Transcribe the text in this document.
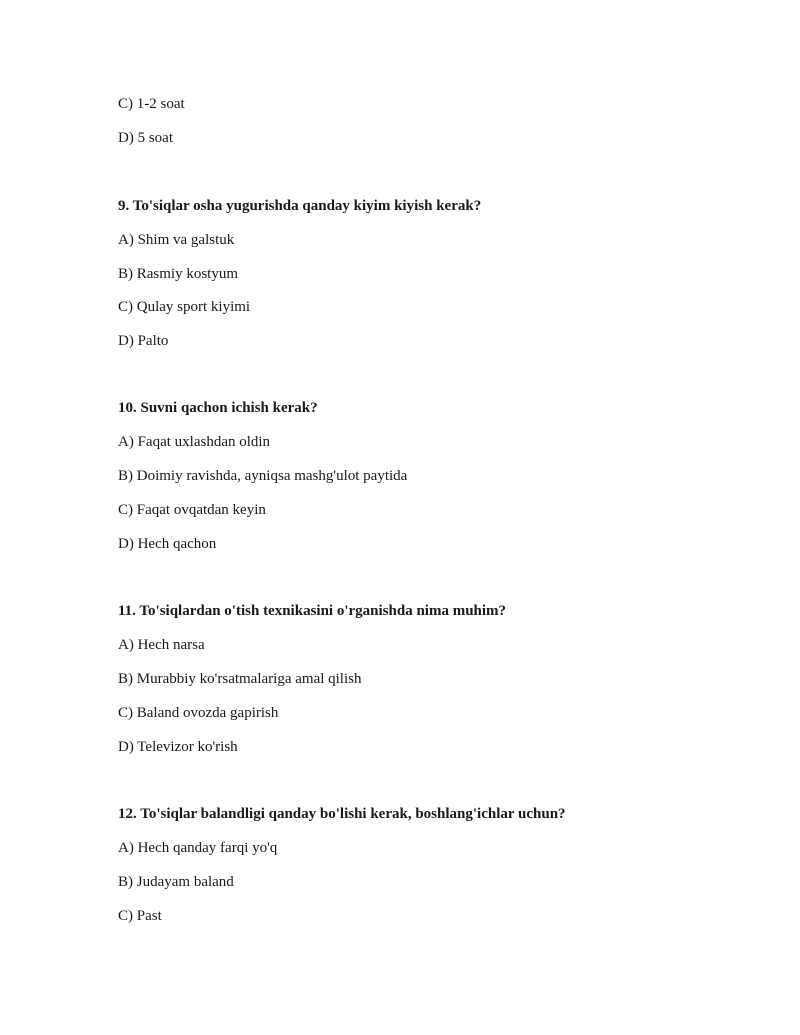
C) 1-2 soat
D) 5 soat
9. To'siqlar osha yugurishda qanday kiyim kiyish kerak?
A) Shim va galstuk
B) Rasmiy kostyum
C) Qulay sport kiyimi
D) Palto
10. Suvni qachon ichish kerak?
A) Faqat uxlashdan oldin
B) Doimiy ravishda, ayniqsa mashg'ulot paytida
C) Faqat ovqatdan keyin
D) Hech qachon
11. To'siqlardan o'tish texnikasini o'rganishda nima muhim?
A) Hech narsa
B) Murabbiy ko'rsatmalariga amal qilish
C) Baland ovozda gapirish
D) Televizor ko'rish
12. To'siqlar balandligi qanday bo'lishi kerak, boshlang'ichlar uchun?
A) Hech qanday farqi yo'q
B) Judayam baland
C) Past
